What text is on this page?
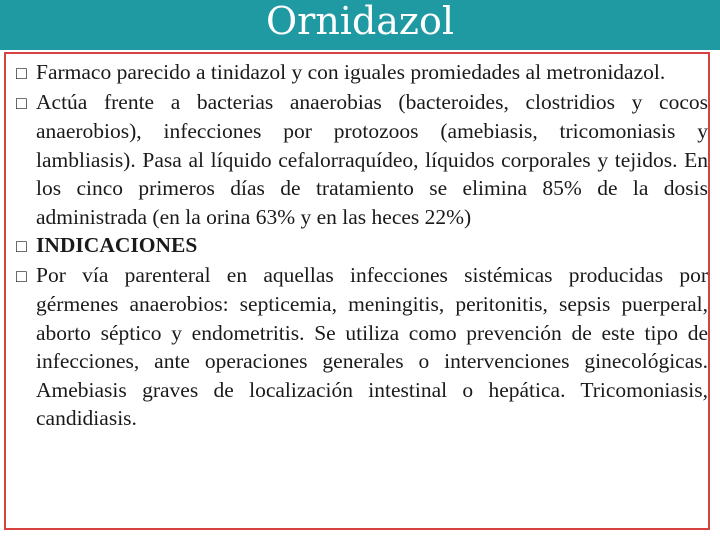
Ornidazol

□ Farmaco parecido a tinidazol y con iguales promiedades al metronidazol.

□ Actúa frente a bacterias anaerobias (bacteroides, clostridios y cocos anaerobios), infecciones por protozoos (amebiasis, tricomoniasis y lambliasis). Pasa al líquido cefalorraquídeo, líquidos corporales y tejidos. En los cinco primeros días de tratamiento se elimina 85% de la dosis administrada (en la orina 63% y en las heces 22%)

□ INDICACIONES

□ Por vía parenteral en aquellas infecciones sistémicas producidas por gérmenes anaerobios: septicemia, meningitis, peritonitis, sepsis puerperal, aborto séptico y endometritis. Se utiliza como prevención de este tipo de infecciones, ante operaciones generales o intervenciones ginecológicas. Amebiasis graves de localización intestinal o hepática. Tricomoniasis, candidiasis.
